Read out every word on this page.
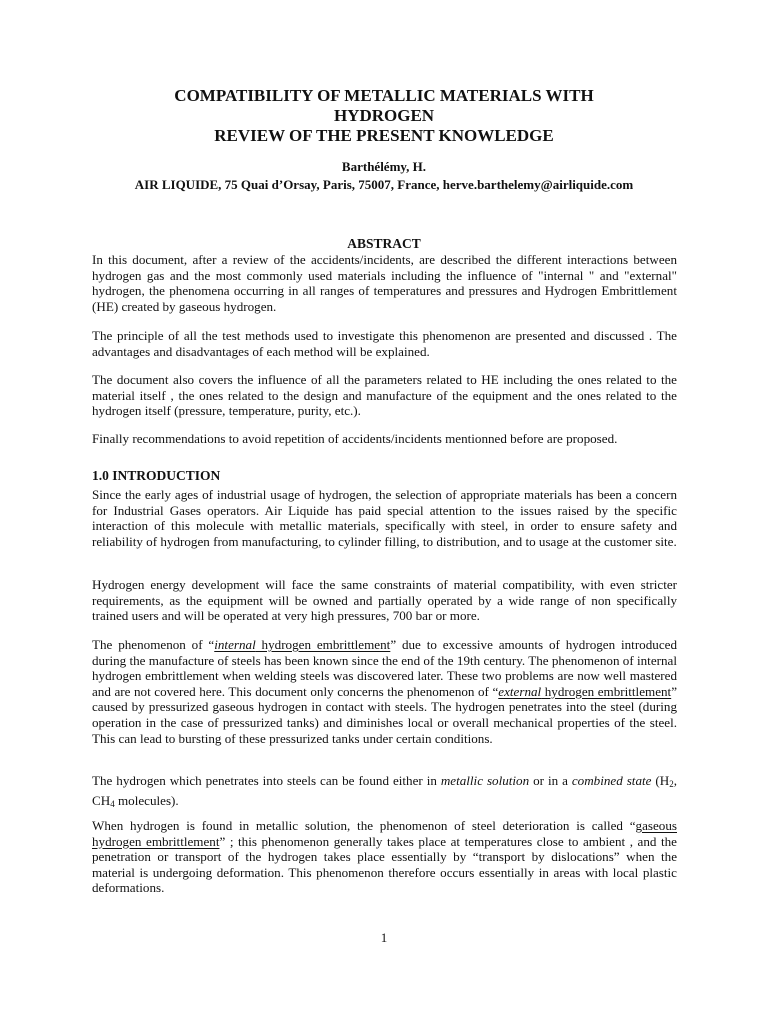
COMPATIBILITY OF METALLIC MATERIALS WITH
HYDROGEN
REVIEW OF THE PRESENT KNOWLEDGE
Barthélémy, H.
AIR LIQUIDE, 75 Quai d’Orsay, Paris, 75007, France, herve.barthelemy@airliquide.com
ABSTRACT

In this document, after a review of the accidents/incidents, are described the different interactions between hydrogen gas and the most commonly used materials including the influence of "internal " and "external" hydrogen, the phenomena occurring in all ranges of temperatures and pressures and Hydrogen Embrittlement (HE) created by gaseous hydrogen.

The principle of all the test methods used to investigate this phenomenon are presented and discussed . The advantages and disadvantages of each method will be explained.

The document also covers the influence of all the parameters related to HE including the ones related to the material itself , the ones related to the design and manufacture of the equipment and the ones related to the hydrogen itself (pressure, temperature, purity, etc.).

Finally recommendations to avoid repetition of accidents/incidents mentionned before are proposed.

1.0 INTRODUCTION

Since the early ages of industrial usage of hydrogen, the selection of appropriate materials has been a concern for Industrial Gases operators. Air Liquide has paid special attention to the issues raised by the specific interaction of this molecule with metallic materials, specifically with steel, in order to ensure safety and reliability of hydrogen from manufacturing, to cylinder filling, to distribution, and to usage at the customer site.

Hydrogen energy development will face the same constraints of material compatibility, with even stricter requirements, as the equipment will be owned and partially operated by a wide range of non specifically trained users and will be operated at very high pressures, 700 bar or more.

The phenomenon of “internal hydrogen embrittlement” due to excessive amounts of hydrogen introduced during the manufacture of steels has been known since the end of the 19th century. The phenomenon of internal hydrogen embrittlement when welding steels was discovered later. These two problems are now well mastered and are not covered here. This document only concerns the phenomenon of “external hydrogen embrittlement” caused by pressurized gaseous hydrogen in contact with steels. The hydrogen penetrates into the steel (during operation in the case of pressurized tanks) and diminishes local or overall mechanical properties of the steel. This can lead to bursting of these pressurized tanks under certain conditions.

The hydrogen which penetrates into steels can be found either in metallic solution or in a combined state ($H_2$, $CH_4$ molecules).

When hydrogen is found in metallic solution, the phenomenon of steel deterioration is called “gaseous hydrogen embrittlement” ; this phenomenon generally takes place at temperatures close to ambient , and the penetration or transport of the hydrogen takes place essentially by “transport by dislocations” when the material is undergoing deformation. This phenomenon therefore occurs essentially in areas with local plastic deformations.

1
